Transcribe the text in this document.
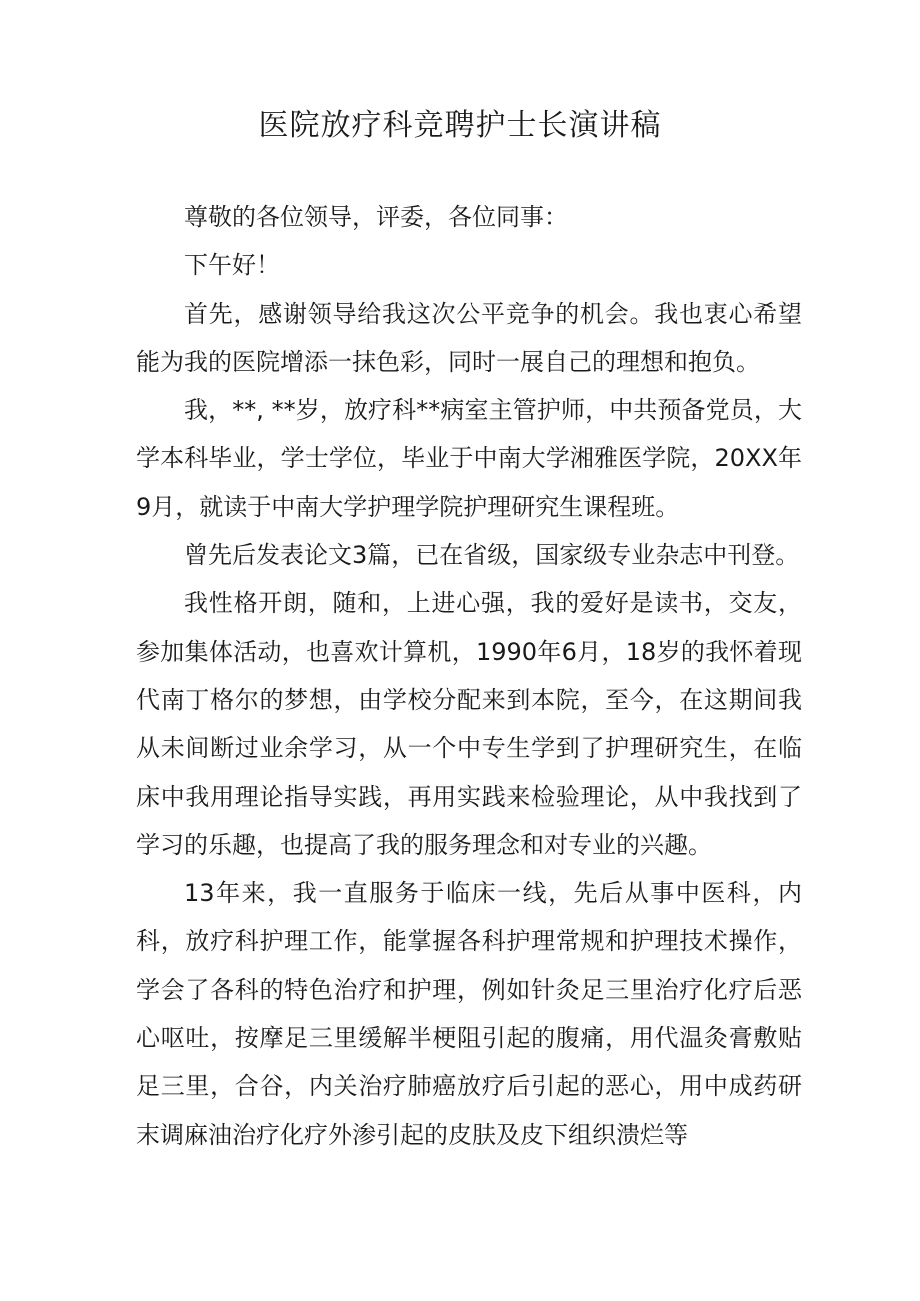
医院放疗科竞聘护士长演讲稿

尊敬的各位领导，评委，各位同事：

下午好！

首先，感谢领导给我这次公平竞争的机会。我也衷心希望能为我的医院增添一抹色彩，同时一展自己的理想和抱负。

我，**, **岁，放疗科**病室主管护师，中共预备党员，大学本科毕业，学士学位，毕业于中南大学湘雅医学院，20XX年9月，就读于中南大学护理学院护理研究生课程班。

曾先后发表论文3篇，已在省级，国家级专业杂志中刊登。

我性格开朗，随和，上进心强，我的爱好是读书，交友，参加集体活动，也喜欢计算机，1990年6月，18岁的我怀着现代南丁格尔的梦想，由学校分配来到本院，至今，在这期间我从未间断过业余学习，从一个中专生学到了护理研究生，在临床中我用理论指导实践，再用实践来检验理论，从中我找到了学习的乐趣，也提高了我的服务理念和对专业的兴趣。

13年来，我一直服务于临床一线，先后从事中医科，内科，放疗科护理工作，能掌握各科护理常规和护理技术操作，学会了各科的特色治疗和护理，例如针灸足三里治疗化疗后恶心呕吐，按摩足三里缓解半梗阻引起的腹痛，用代温灸膏敷贴足三里，合谷，内关治疗肺癌放疗后引起的恶心，用中成药研末调麻油治疗化疗外渗引起的皮肤及皮下组织溃烂等
